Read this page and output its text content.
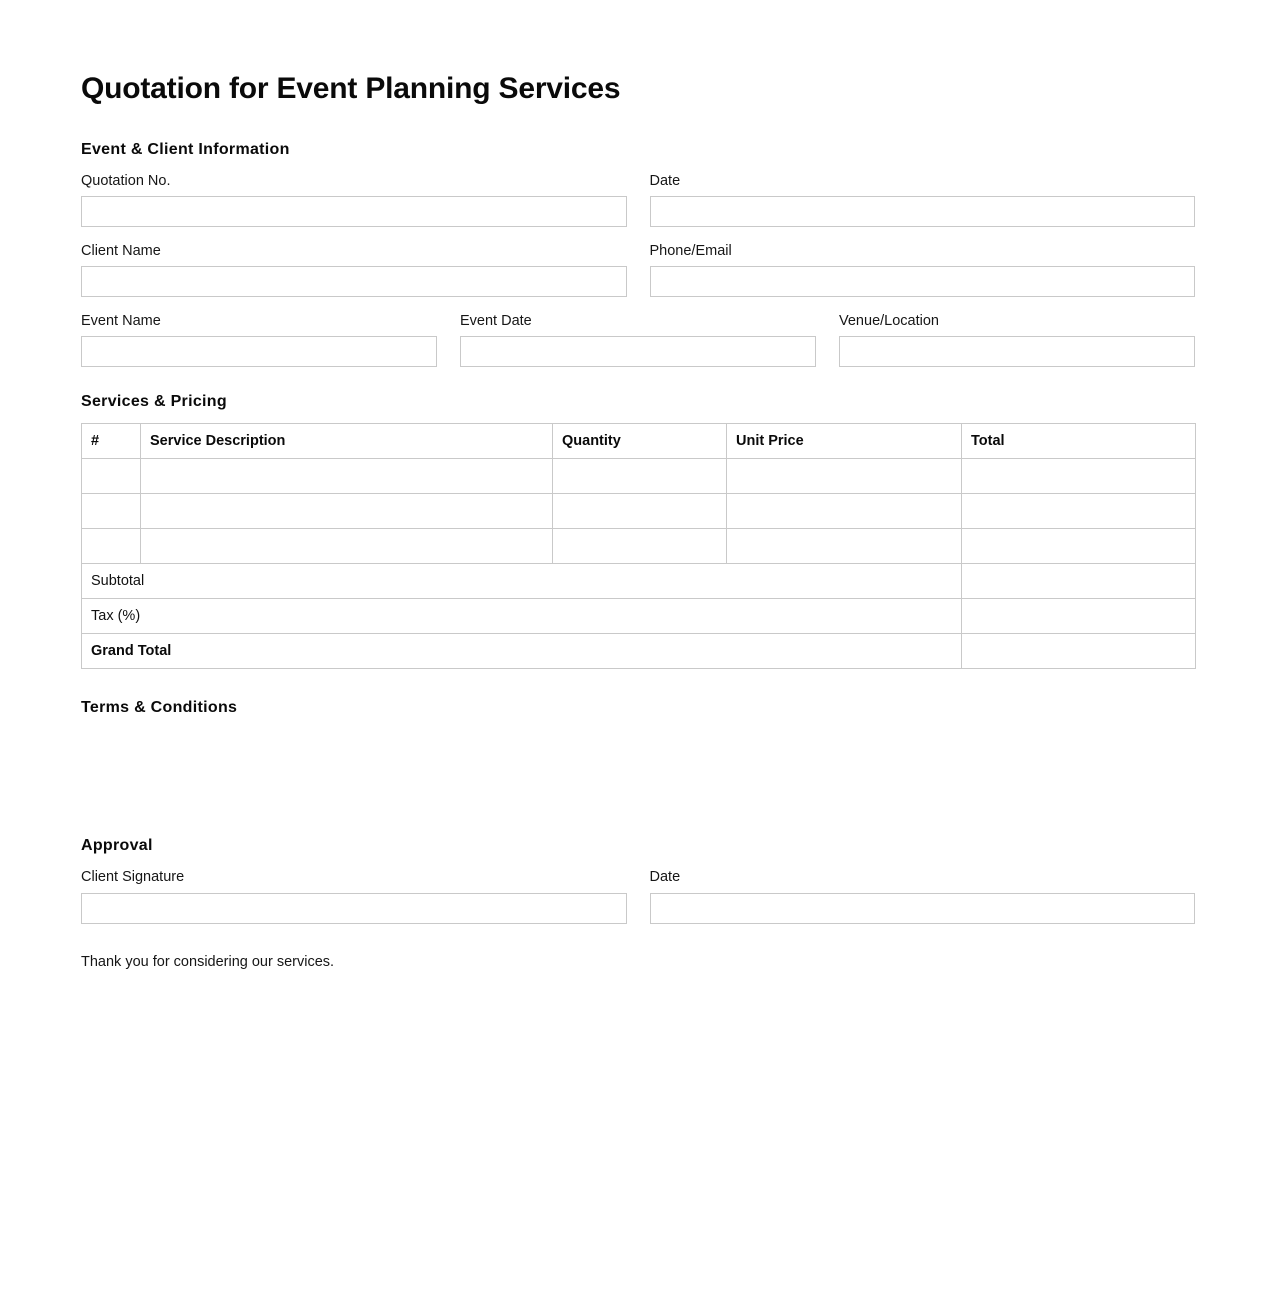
Quotation for Event Planning Services
Event & Client Information
Quotation No.	Date
Client Name	Phone/Email
Event Name	Event Date	Venue/Location
Services & Pricing
#	Service Description	Quantity	Unit Price	Total

Subtotal				
Tax (%)				
Grand Total				
Terms & Conditions
Approval
Client Signature	Date

Thank you for considering our services.
